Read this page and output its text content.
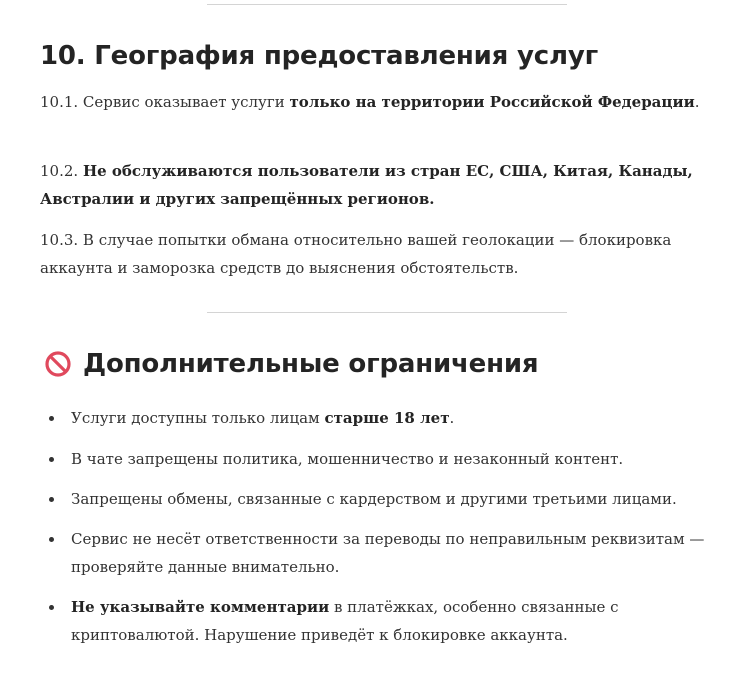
10. География предоставления услуг

10.1. Сервис оказывает услуги только на территории Российской Федерации.

10.2. Не обслуживаются пользователи из стран ЕС, США, Китая, Канады, Австралии и других запрещённых регионов.

10.3. В случае попытки обмана относительно вашей геолокации — блокировка аккаунта и заморозка средств до выяснения обстоятельств.

Дополнительные ограничения
Услуги доступны только лицам старше 18 лет.
В чате запрещены политика, мошенничество и незаконный контент.
Запрещены обмены, связанные с кардерством и другими третьими лицами.
Сервис не несёт ответственности за переводы по неправильным реквизитам — проверяйте данные внимательно.
Не указывайте комментарии в платёжках, особенно связанные с криптовалютой. Нарушение приведёт к блокировке аккаунта.
